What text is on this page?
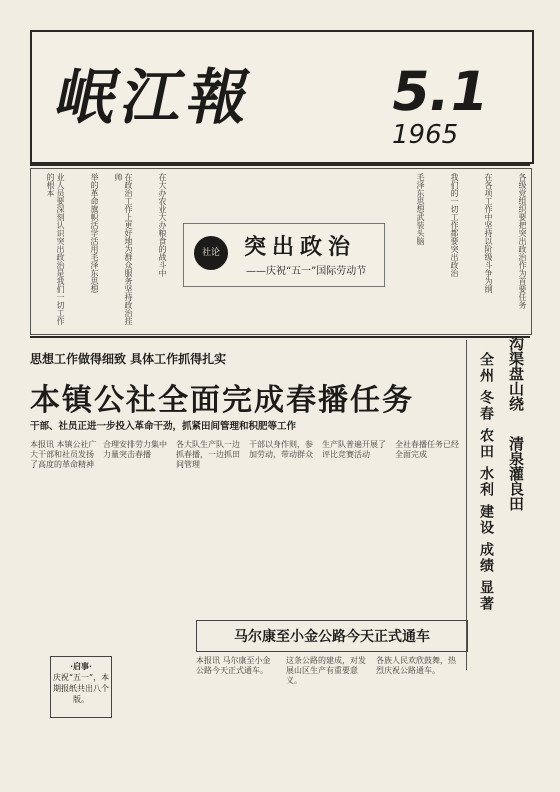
岷江報 5.1
1965
业人员要深刻认识突出政治是我们一切工作的根本	举的革命旗帜活学活用毛泽东思想	在政治工作上更好地为群众服务坚持政治挂帅	在大办农业大办粮食的战斗中	毛泽东思想武装头脑	我们的一切工作都要突出政治	在各项工作中坚持以阶级斗争为纲	各级党组织要把突出政治作为首要任务
社论	突出政治
——庆祝“五一”国际劳动节
思想工作做得细致 具体工作抓得扎实
本镇公社全面完成春播任务
干部、社员正进一步投入革命干劲，抓紧田间管理和积肥等工作
本报讯 本镇公社广大干部和社员发扬了高度的革命精神
合理安排劳力集中力量突击春播
各大队生产队一边抓春播，一边抓田间管理
干部以身作则，参加劳动，带动群众
生产队普遍开展了评比竞赛活动
全社春播任务已经全面完成
沟渠盘山绕
清泉灌良田
全州
冬春
农田
水利
建设
成绩
显著
·启事·
庆祝“五一”，本期报纸共出八个版。
马尔康至小金公路今天正式通车
本报讯 马尔康至小金公路今天正式通车。
这条公路的建成，对发展山区生产有重要意义。
各族人民欢欣鼓舞，热烈庆祝公路通车。
